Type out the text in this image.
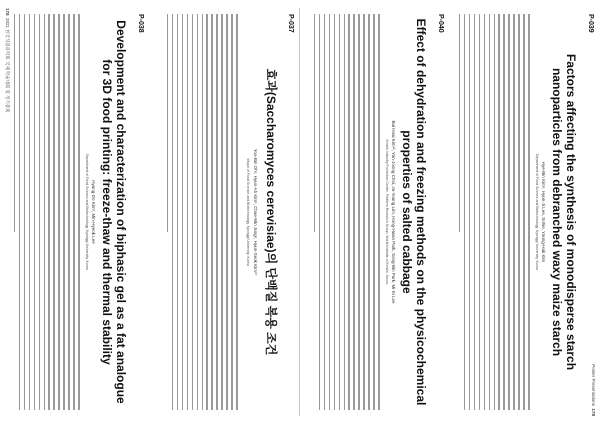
P-037
효과(Saccharomyces cerevisiae)의 단백질 복용 조건
Yoo-Bin Oh¹, Hyun-Ah Kim¹, Chae-Min Jung¹, Hyun-Seok Kim¹*
¹Major of Food Science and Biotechnology, Kyonggi University, Korea
P-038
Development and characterization of biphasic gel as a fat analogue for 3D food printing: freeze-thaw and thermal stability
Hyung-Do Kim¹, Min-Hyeok Lee
Department of Food Science and Biotechnology, Kyonggi University, Korea
178  2021 한국식품과학회 국제 학술대회 및 정기총회	P-039
Factors affecting the synthesis of monodisperse starch nanoparticles from debranched waxy maize starch
Hye-Bin Kim¹, Hyun-Ji Lee, Sohie, Young-Hak Kim
Department of Food Science and Biotechnology, Kyonggi University, Korea
P-040
Effect of dehydration and freezing methods on the physicochemical properties of salted cabbage
Bui Hoai Kim¹², Yun-Joong Choi, Ju-Young Lim, Hong-Hwan Park, Song-Bin Park, Mi-Ki Lee
Kimchi Industry Promotion Center, Platform Research Group, World Institute of Kimchi, Korea
Poster Presentations  178
